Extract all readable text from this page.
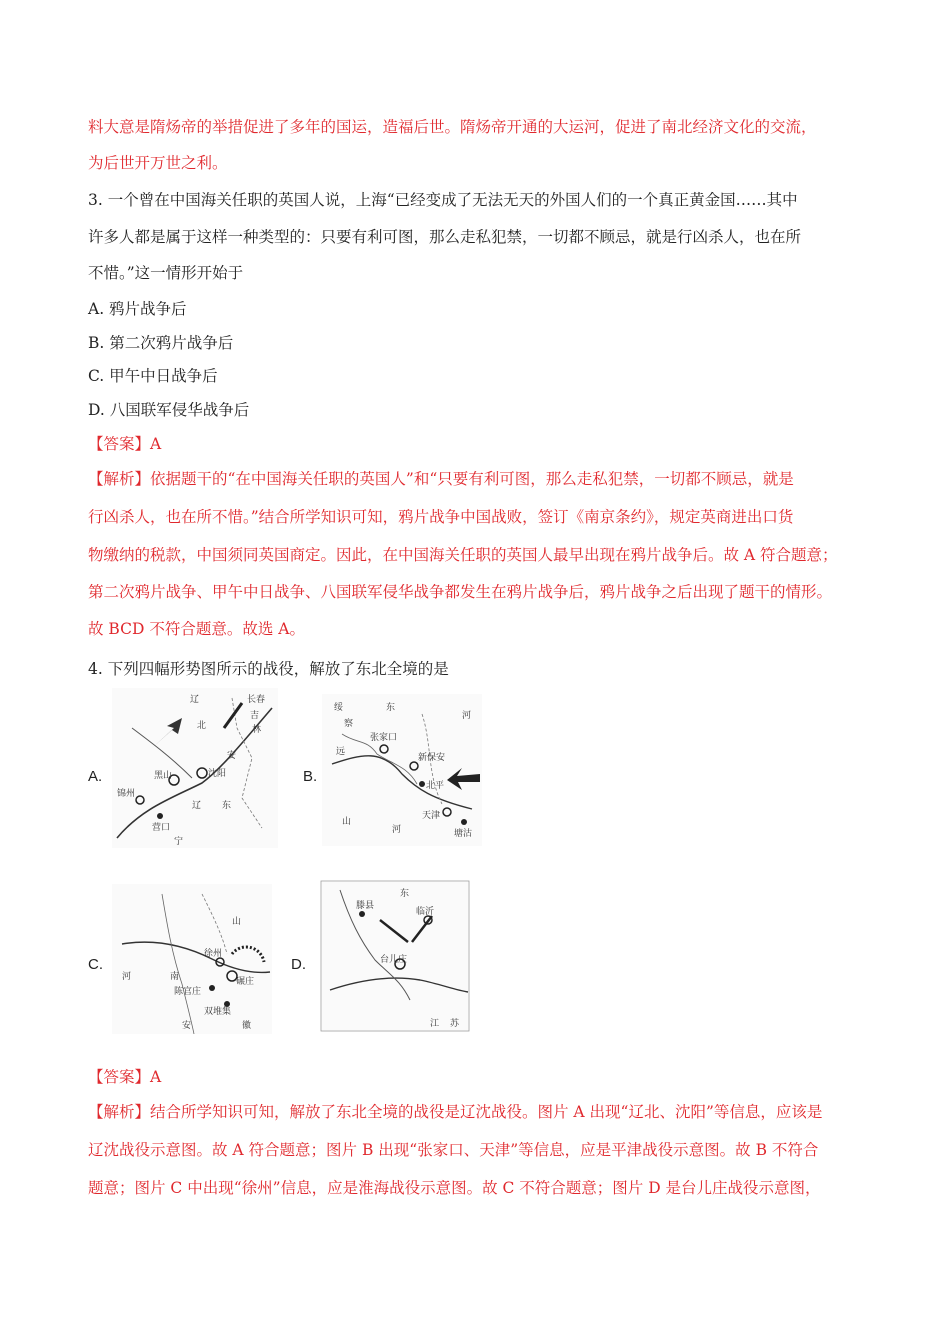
料大意是隋炀帝的举措促进了多年的国运，造福后世。隋炀帝开通的大运河，促进了南北经济文化的交流，
为后世开万世之利。
3. 一个曾在中国海关任职的英国人说，上海“已经变成了无法无天的外国人们的一个真正黄金国……其中
许多人都是属于这样一种类型的：只要有利可图，那么走私犯禁，一切都不顾忌，就是行凶杀人，也在所
不惜。”这一情形开始于
A. 鸦片战争后
B. 第二次鸦片战争后
C. 甲午中日战争后
D. 八国联军侵华战争后
【答案】A
【解析】依据题干的“在中国海关任职的英国人”和“只要有利可图，那么走私犯禁，一切都不顾忌，就是
行凶杀人，也在所不惜。”结合所学知识可知，鸦片战争中国战败，签订《南京条约》，规定英商进出口货
物缴纳的税款，中国须同英国商定。因此，在中国海关任职的英国人最早出现在鸦片战争后。故 A 符合题意；
第二次鸦片战争、甲午中日战争、八国联军侵华战争都发生在鸦片战争后，鸦片战争之后出现了题干的情形。
故 BCD 不符合题意。故选 A。
4. 下列四幅形势图所示的战役，解放了东北全境的是
A.
辽
北
长春
吉
林
安
黑山	沈阳
锦州
营口
辽
宁
东
B.
绥
察
东
河
张家口
远
新保安
北平
天津
塘沽
山
河
C.
山
徐州
碾庄
河	南
陈官庄
双堆集
安	徽
D.
东
滕县
临沂
台儿庄
江 苏
【答案】A
【解析】结合所学知识可知，解放了东北全境的战役是辽沈战役。图片 A 出现“辽北、沈阳”等信息，应该是
辽沈战役示意图。故 A 符合题意；图片 B 出现“张家口、天津”等信息，应是平津战役示意图。故 B 不符合
题意；图片 C 中出现“徐州”信息，应是淮海战役示意图。故 C 不符合题意；图片 D 是台儿庄战役示意图，
